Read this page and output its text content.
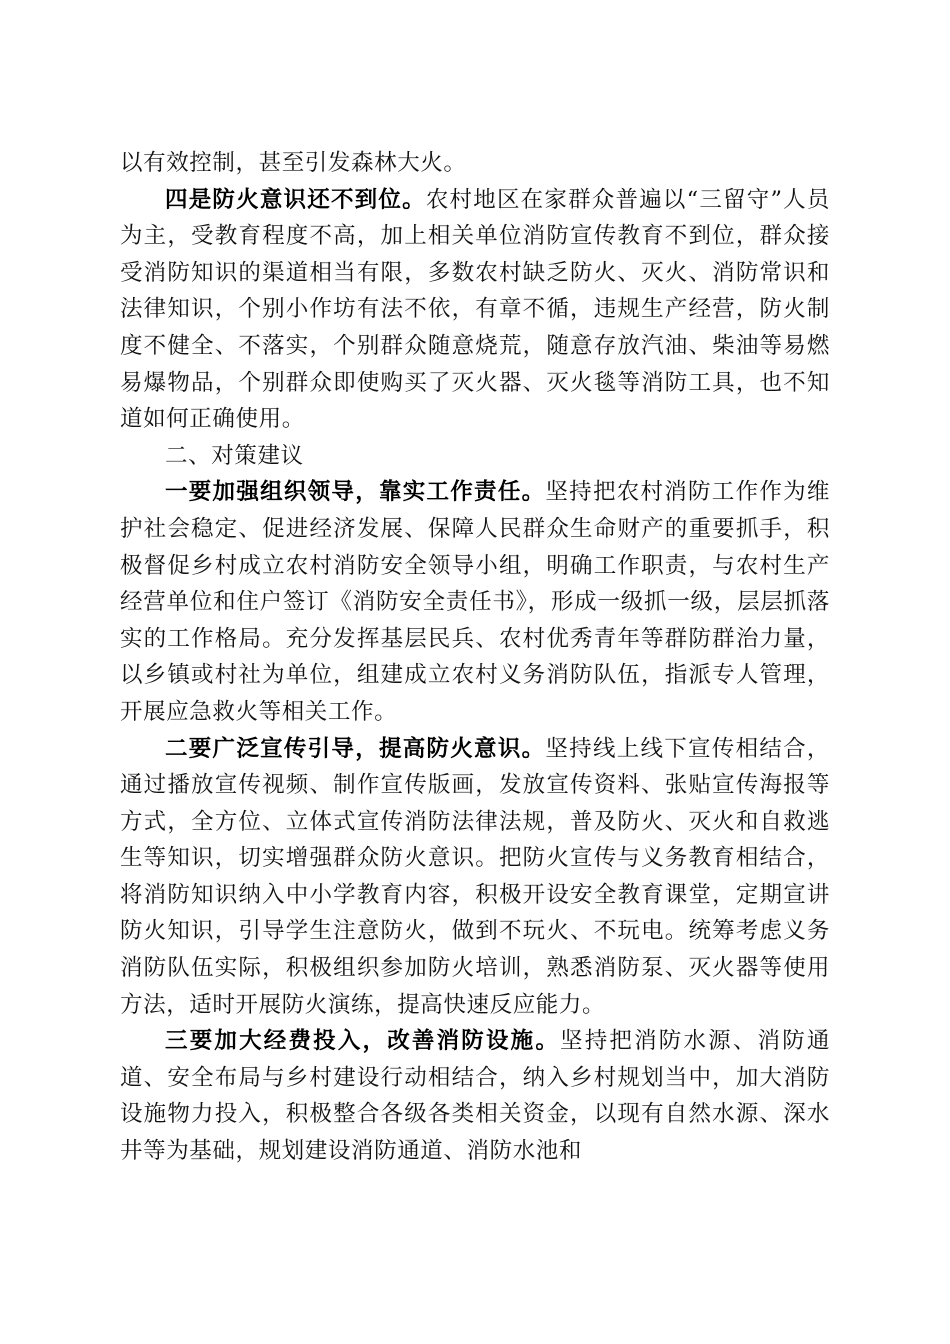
以有效控制，甚至引发森林大火。

四是防火意识还不到位。农村地区在家群众普遍以“三留守”人员为主，受教育程度不高，加上相关单位消防宣传教育不到位，群众接受消防知识的渠道相当有限，多数农村缺乏防火、灭火、消防常识和法律知识，个别小作坊有法不依，有章不循，违规生产经营，防火制度不健全、不落实，个别群众随意烧荒，随意存放汽油、柴油等易燃易爆物品，个别群众即使购买了灭火器、灭火毯等消防工具，也不知道如何正确使用。

二、对策建议

一要加强组织领导，靠实工作责任。坚持把农村消防工作作为维护社会稳定、促进经济发展、保障人民群众生命财产的重要抓手，积极督促乡村成立农村消防安全领导小组，明确工作职责，与农村生产经营单位和住户签订《消防安全责任书》，形成一级抓一级，层层抓落实的工作格局。充分发挥基层民兵、农村优秀青年等群防群治力量，以乡镇或村社为单位，组建成立农村义务消防队伍，指派专人管理，开展应急救火等相关工作。

二要广泛宣传引导，提高防火意识。坚持线上线下宣传相结合，通过播放宣传视频、制作宣传版画，发放宣传资料、张贴宣传海报等方式，全方位、立体式宣传消防法律法规，普及防火、灭火和自救逃生等知识，切实增强群众防火意识。把防火宣传与义务教育相结合，将消防知识纳入中小学教育内容，积极开设安全教育课堂，定期宣讲防火知识，引导学生注意防火，做到不玩火、不玩电。统筹考虑义务消防队伍实际，积极组织参加防火培训，熟悉消防泵、灭火器等使用方法，适时开展防火演练，提高快速反应能力。

三要加大经费投入，改善消防设施。坚持把消防水源、消防通道、安全布局与乡村建设行动相结合，纳入乡村规划当中，加大消防设施物力投入，积极整合各级各类相关资金，以现有自然水源、深水井等为基础，规划建设消防通道、消防水池和
